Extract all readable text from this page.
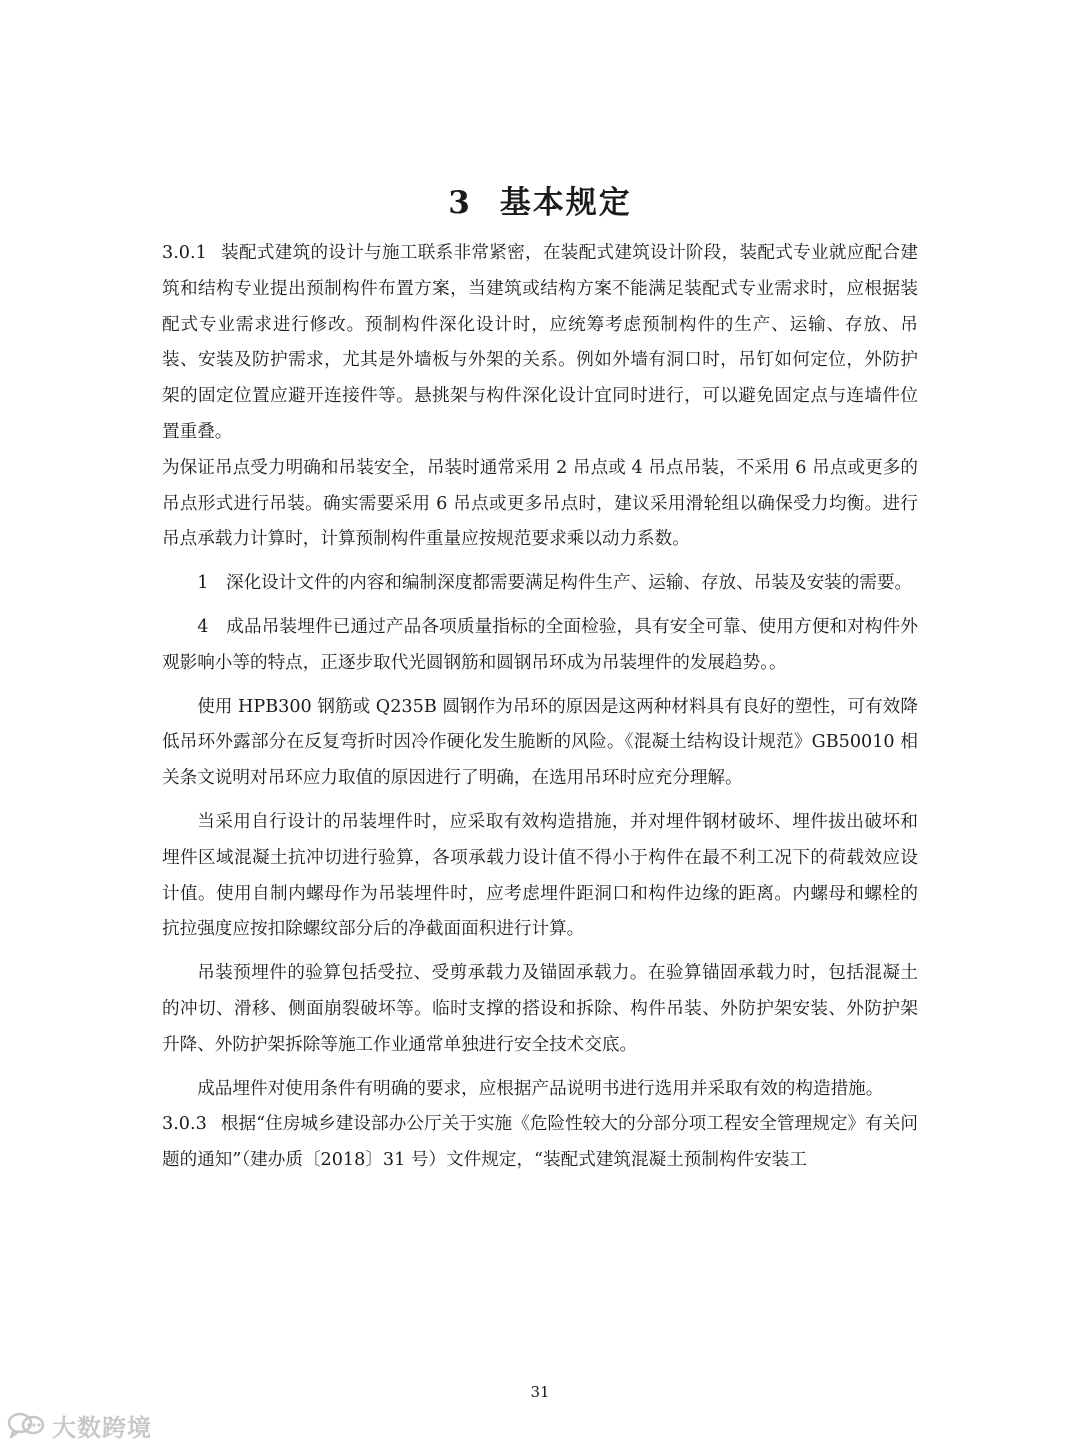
3 基本规定

3.0.1 装配式建筑的设计与施工联系非常紧密，在装配式建筑设计阶段，装配式专业就应配合建筑和结构专业提出预制构件布置方案，当建筑或结构方案不能满足装配式专业需求时，应根据装配式专业需求进行修改。预制构件深化设计时，应统筹考虑预制构件的生产、运输、存放、吊装、安装及防护需求，尤其是外墙板与外架的关系。例如外墙有洞口时，吊钉如何定位，外防护架的固定位置应避开连接件等。悬挑架与构件深化设计宜同时进行，可以避免固定点与连墙件位置重叠。

为保证吊点受力明确和吊装安全，吊装时通常采用 2 吊点或 4 吊点吊装，不采用 6 吊点或更多的吊点形式进行吊装。确实需要采用 6 吊点或更多吊点时，建议采用滑轮组以确保受力均衡。进行吊点承载力计算时，计算预制构件重量应按规范要求乘以动力系数。

1　深化设计文件的内容和编制深度都需要满足构件生产、运输、存放、吊装及安装的需要。

4　成品吊装埋件已通过产品各项质量指标的全面检验，具有安全可靠、使用方便和对构件外观影响小等的特点，正逐步取代光圆钢筋和圆钢吊环成为吊装埋件的发展趋势。。

使用 HPB300 钢筋或 Q235B 圆钢作为吊环的原因是这两种材料具有良好的塑性，可有效降低吊环外露部分在反复弯折时因冷作硬化发生脆断的风险。《混凝土结构设计规范》GB50010 相关条文说明对吊环应力取值的原因进行了明确，在选用吊环时应充分理解。

当采用自行设计的吊装埋件时，应采取有效构造措施，并对埋件钢材破坏、埋件拔出破坏和埋件区域混凝土抗冲切进行验算，各项承载力设计值不得小于构件在最不利工况下的荷载效应设计值。使用自制内螺母作为吊装埋件时，应考虑埋件距洞口和构件边缘的距离。内螺母和螺栓的抗拉强度应按扣除螺纹部分后的净截面面积进行计算。

吊装预埋件的验算包括受拉、受剪承载力及锚固承载力。在验算锚固承载力时，包括混凝土的冲切、滑移、侧面崩裂破坏等。临时支撑的搭设和拆除、构件吊装、外防护架安装、外防护架升降、外防护架拆除等施工作业通常单独进行安全技术交底。

成品埋件对使用条件有明确的要求，应根据产品说明书进行选用并采取有效的构造措施。

3.0.3 根据“住房城乡建设部办公厅关于实施《危险性较大的分部分项工程安全管理规定》有关问题的通知”（建办质〔2018〕31 号）文件规定，“装配式建筑混凝土预制构件安装工

31
大数跨境
